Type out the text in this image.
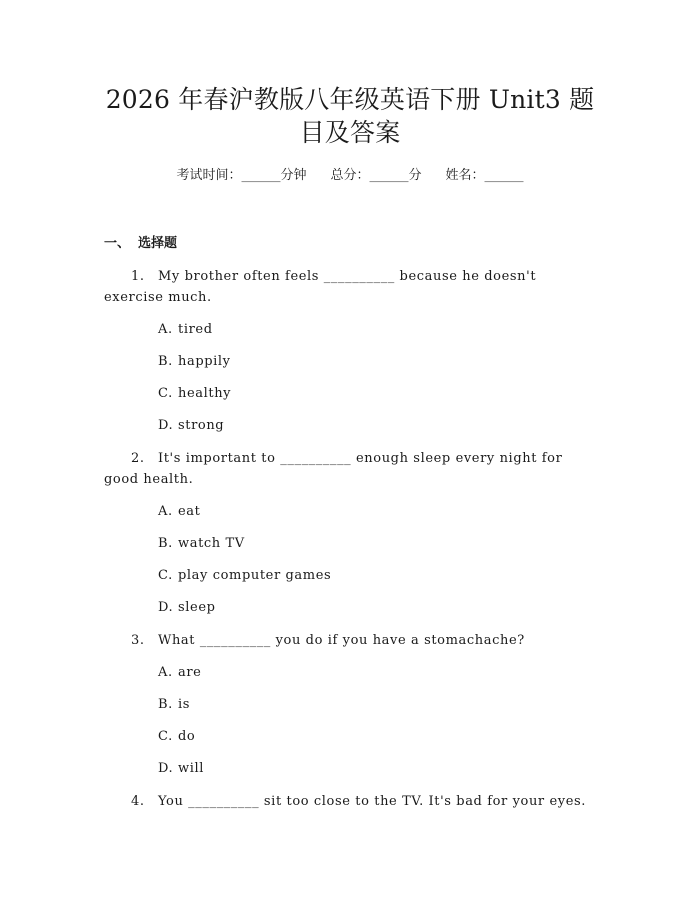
2026 年春沪教版八年级英语下册 Unit3 题目及答案
考试时间：______分钟 总分：______分 姓名：______
一、 选择题
1. My brother often feels __________ because he doesn't exercise much.
A. tired
B. happily
C. healthy
D. strong
2. It's important to __________ enough sleep every night for good health.
A. eat
B. watch TV
C. play computer games
D. sleep
3. What __________ you do if you have a stomachache?
A. are
B. is
C. do
D. will
4. You __________ sit too close to the TV. It's bad for your eyes.
